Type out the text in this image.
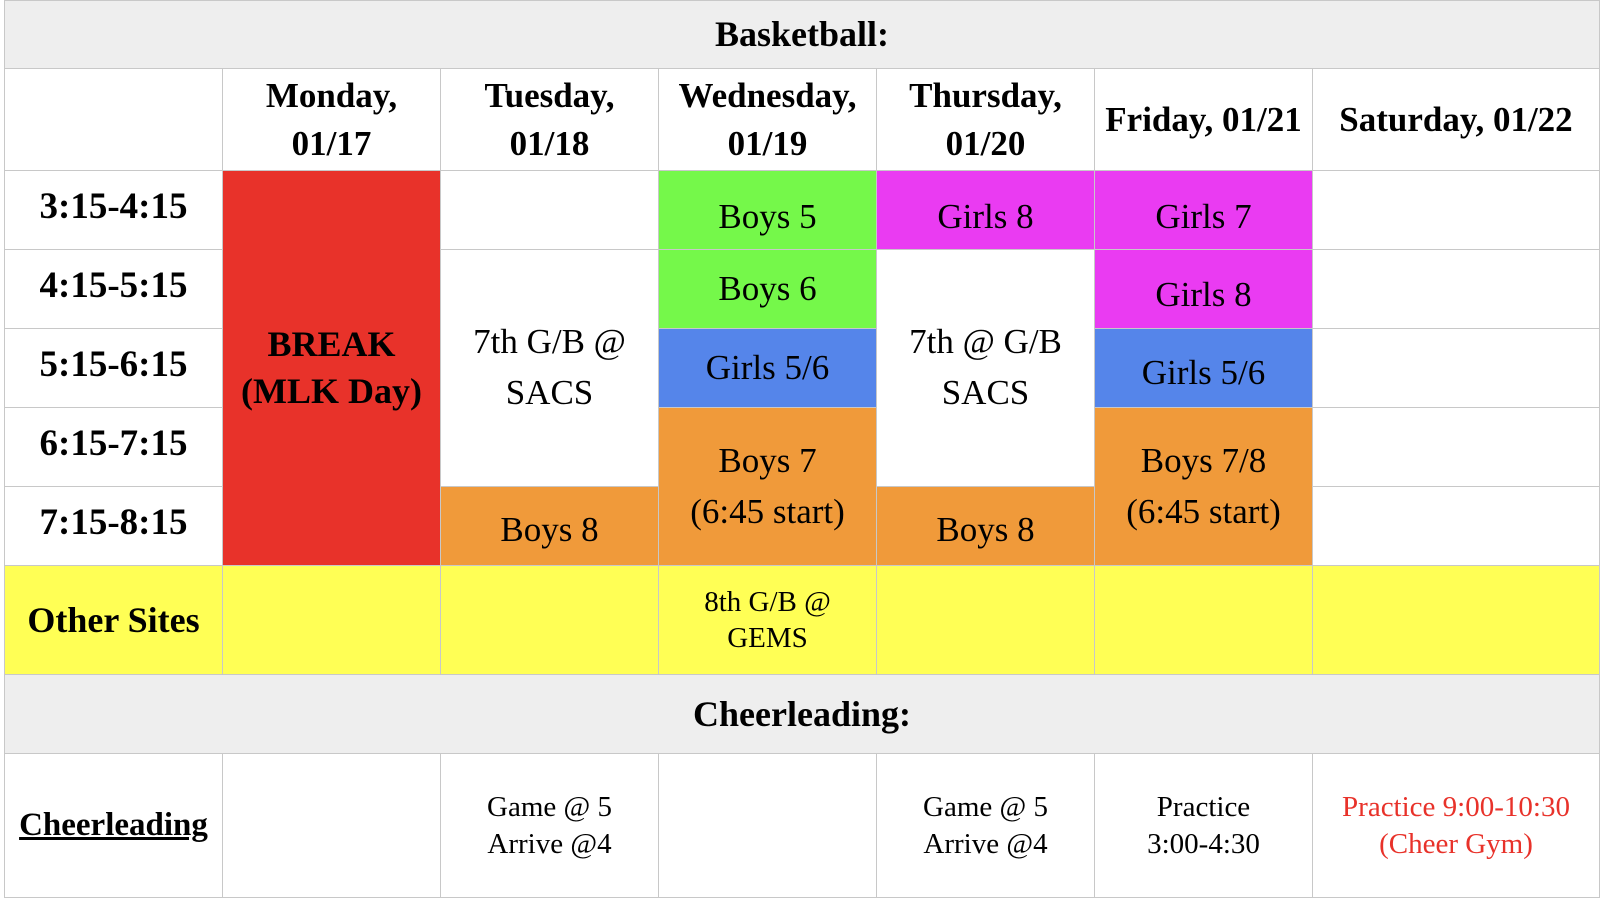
Basketball:
Monday, 01/17
Tuesday, 01/18
Wednesday, 01/19
Thursday, 01/20
Friday, 01/21 Saturday, 01/22
3:15-4:15
4:15-5:15
5:15-6:15
6:15-7:15
7:15-8:15
BREAK (MLK Day)
7th G/B @ SACS
Boys 8
Boys 5
Boys 6
Girls 5/6
Boys 7 (6:45 start)
Girls 8
7th @ G/B SACS
Boys 8
Girls 7
Girls 8
Girls 5/6
Boys 7/8 (6:45 start)
Other Sites	8th G/B @ GEMS
Cheerleading:
Cheerleading	Game @ 5 Arrive @4
Game @ 5 Arrive @4
Practice 3:00-4:30
Practice 9:00-10:30 (Cheer Gym)
